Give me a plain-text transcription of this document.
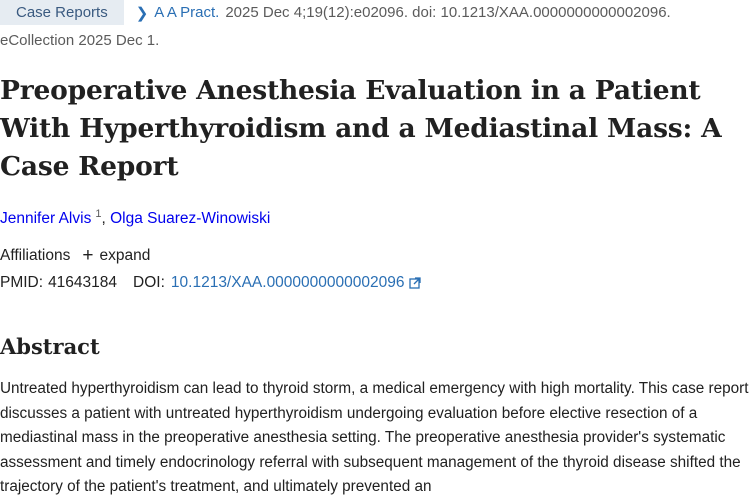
Case Reports	❯ A A Pract. 2025 Dec 4;19(12):e02096. doi: 10.1213/XAA.0000000000002096.
eCollection 2025 Dec 1.
Preoperative Anesthesia Evaluation in a Patient With Hyperthyroidism and a Mediastinal Mass: A Case Report
Jennifer Alvis $^1$, Olga Suarez-Winowiski
Affiliations + expand
PMID: 41643184 DOI: 10.1213/XAA.0000000000002096
Abstract

Untreated hyperthyroidism can lead to thyroid storm, a medical emergency with high mortality. This case report discusses a patient with untreated hyperthyroidism undergoing evaluation before elective resection of a mediastinal mass in the preoperative anesthesia setting. The preoperative anesthesia provider's systematic assessment and timely endocrinology referral with subsequent management of the thyroid disease shifted the trajectory of the patient's treatment, and ultimately prevented an
